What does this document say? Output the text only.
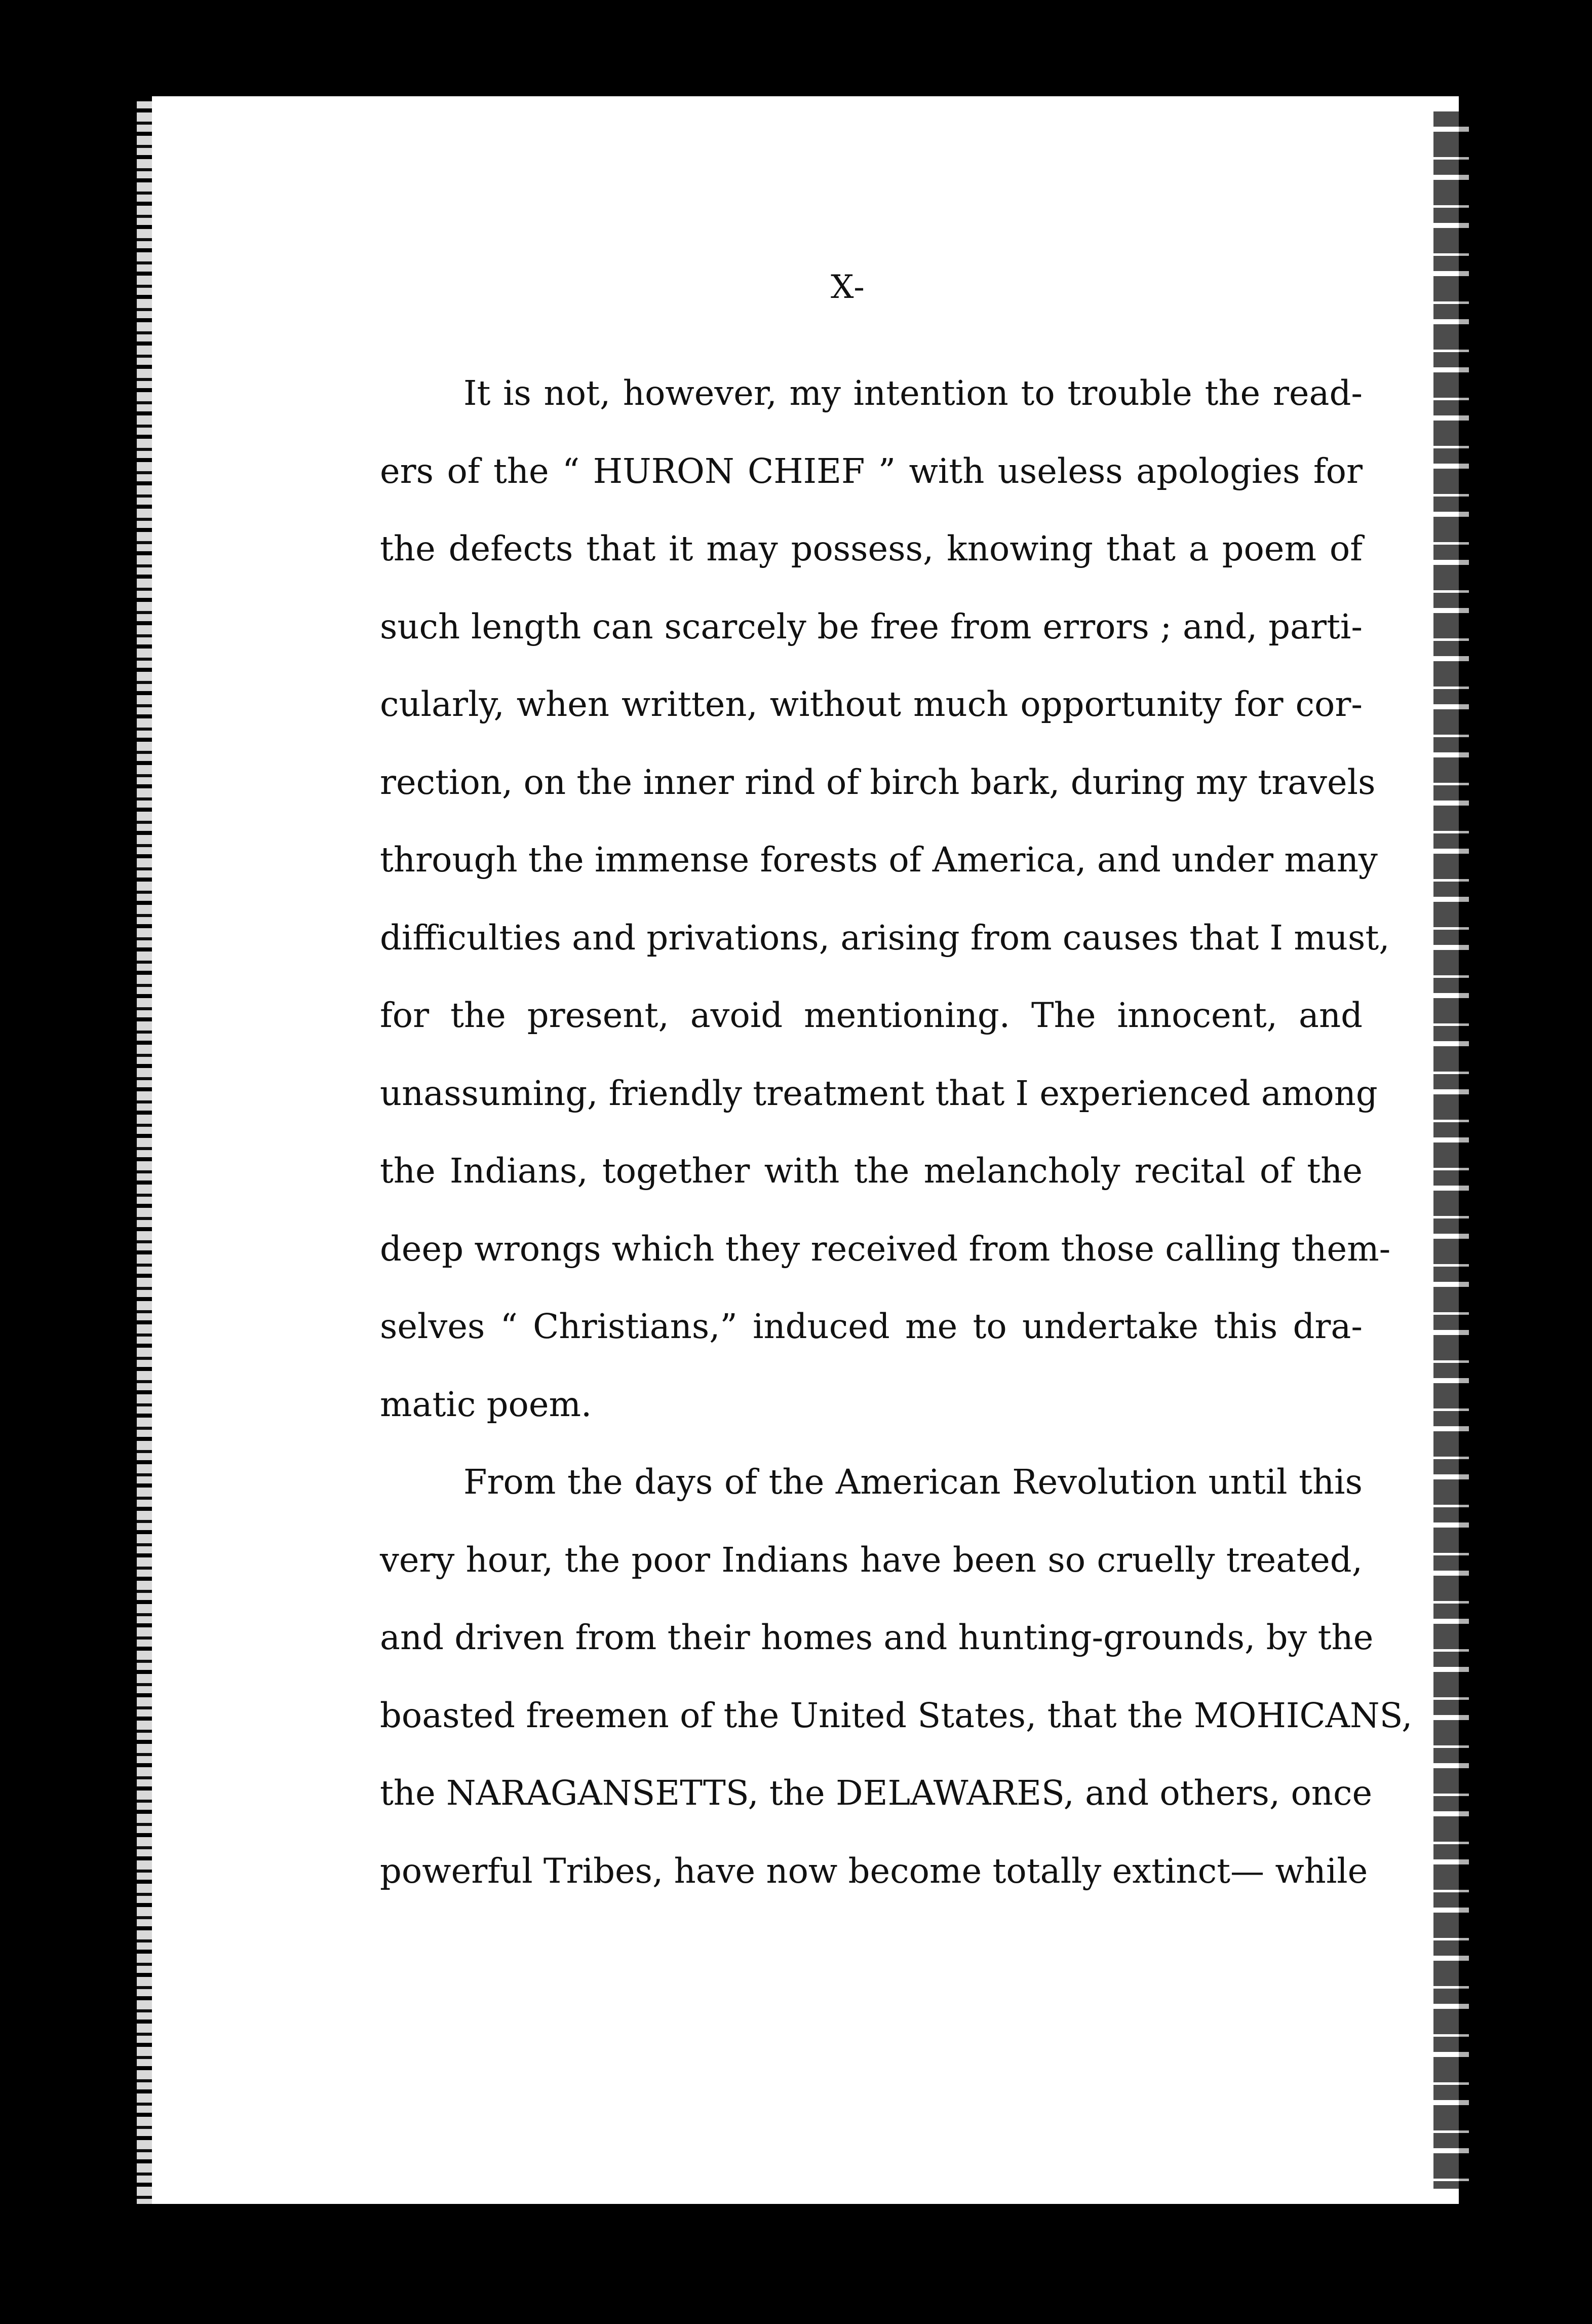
X-
It is not, however, my intention to trouble the read-
ers of the “ HURON CHIEF ” with useless apologies for
the defects that it may possess, knowing that a poem of
such length can scarcely be free from errors ; and, parti-
cularly, when written, without much opportunity for cor-
rection, on the inner rind of birch bark, during my travels
through the immense forests of America, and under many
difficulties and privations, arising from causes that I must,
for the present, avoid mentioning. The innocent, and
unassuming, friendly treatment that I experienced among
the Indians, together with the melancholy recital of the
deep wrongs which they received from those calling them-
selves “ Christians,” induced me to undertake this dra-
matic poem.
From the days of the American Revolution until this
very hour, the poor Indians have been so cruelly treated,
and driven from their homes and hunting-grounds, by the
boasted freemen of the United States, that the MOHICANS,
the NARAGANSETTS, the DELAWARES, and others, once
powerful Tribes, have now become totally extinct— while
